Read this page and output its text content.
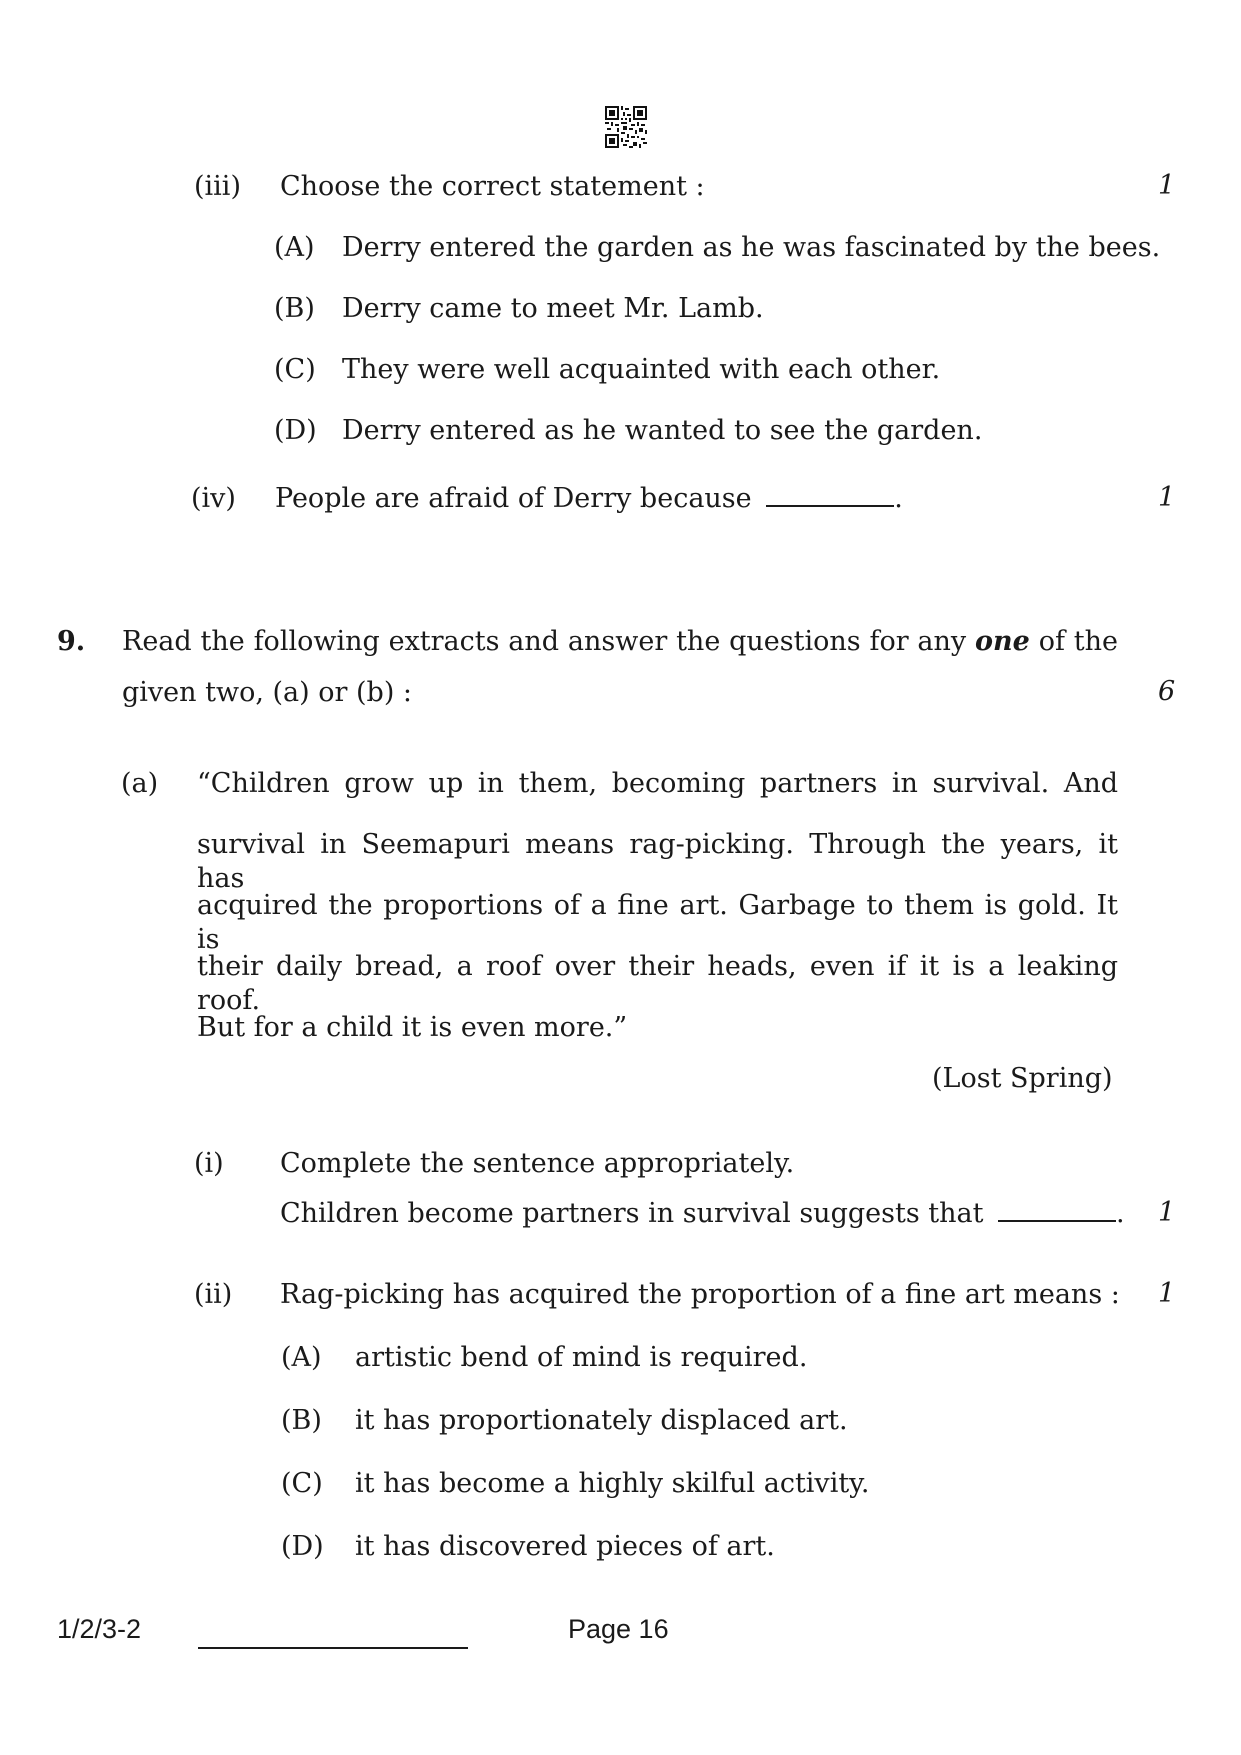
(iii) Choose the correct statement :	1
(A) Derry entered the garden as he was fascinated by the bees.
(B) Derry came to meet Mr. Lamb.
(C) They were well acquainted with each other.
(D) Derry entered as he wanted to see the garden.
(iv) People are afraid of Derry because	.	1
9. Read the following extracts and answer the questions for any one of the
given two, (a) or (b) :	6
(a) “Children grow up in them, becoming partners in survival. And
survival in Seemapuri means rag-picking. Through the years, it has
acquired the proportions of a fine art. Garbage to them is gold. It is
their daily bread, a roof over their heads, even if it is a leaking roof.
But for a child it is even more.”
(Lost Spring)
(i) Complete the sentence appropriately.
Children become partners in survival suggests that	. 1
(ii) Rag-picking has acquired the proportion of a fine art means : 1
(A) artistic bend of mind is required.
(B) it has proportionately displaced art.
(C) it has become a highly skilful activity.
(D) it has discovered pieces of art.
1/2/3-2	Page 16
